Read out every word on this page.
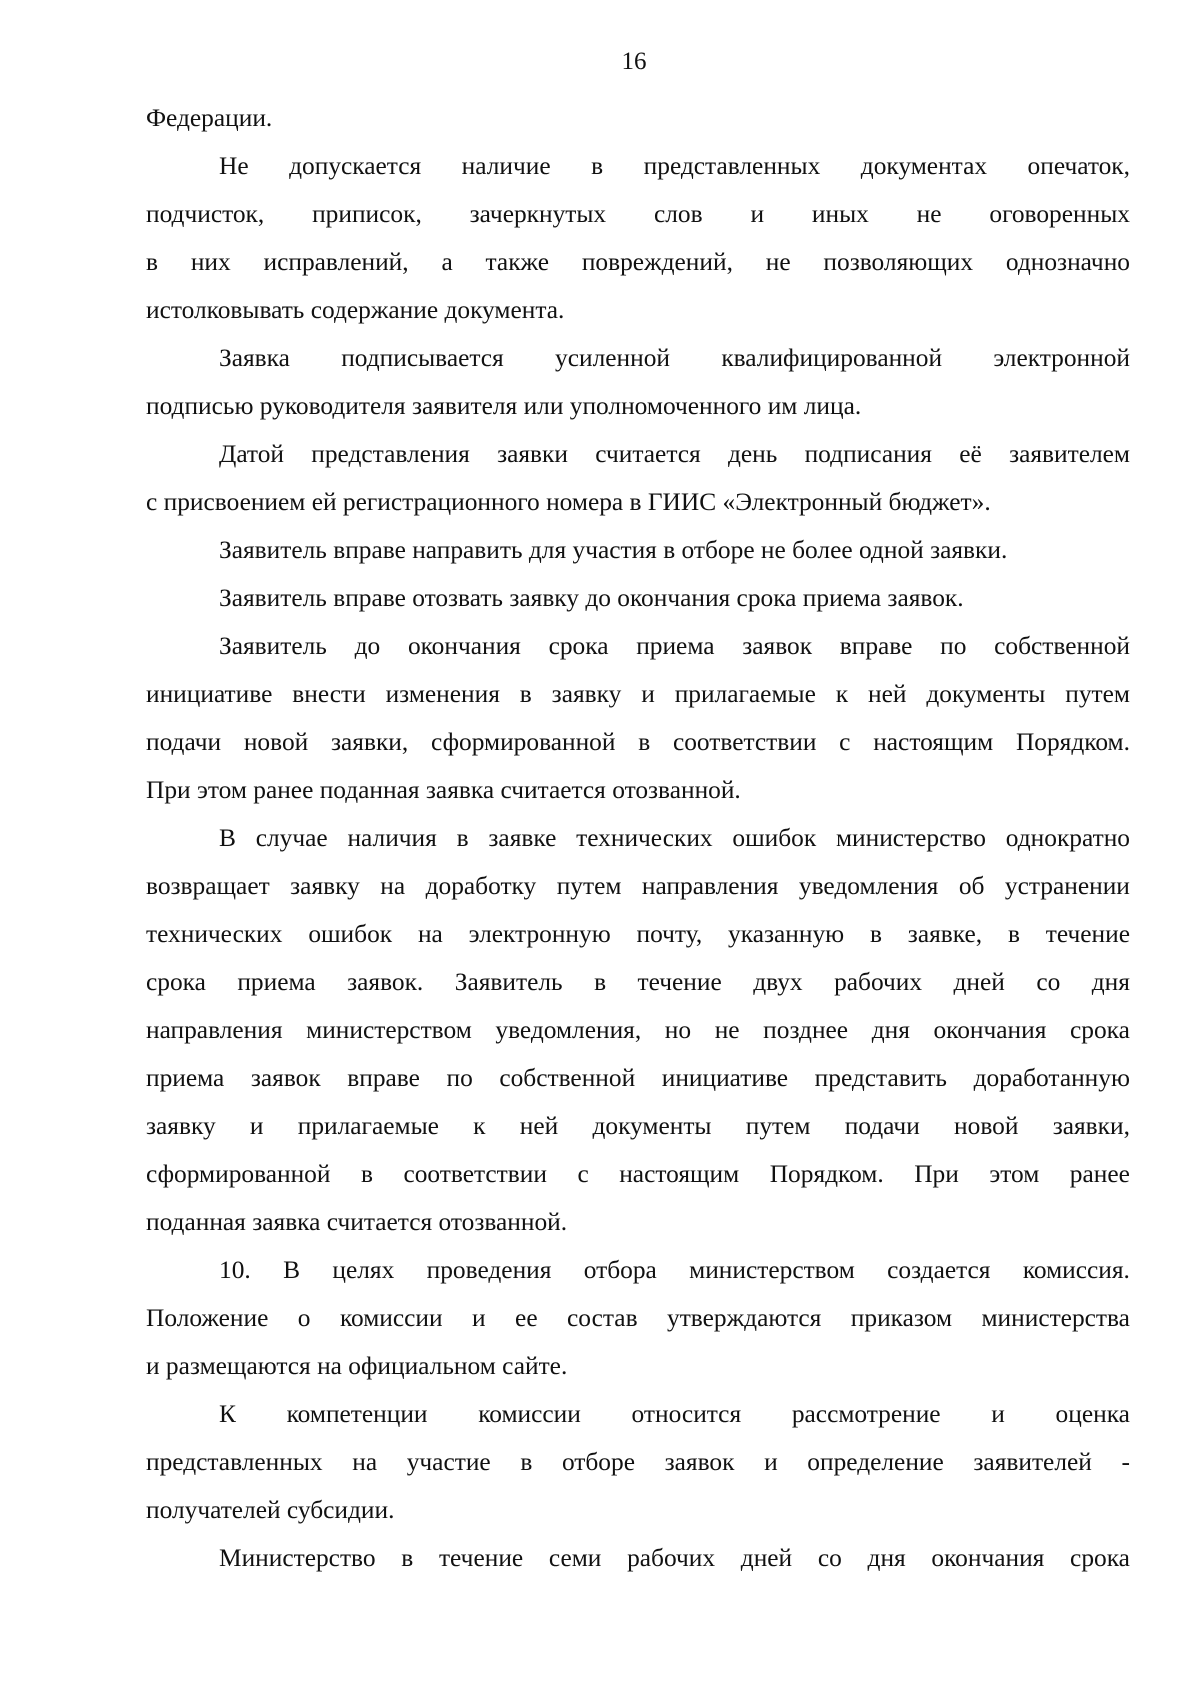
16
Федерации.
Не допускается наличие в представленных документах опечаток,
подчисток, приписок, зачеркнутых слов и иных не оговоренных
в них исправлений, а также повреждений, не позволяющих однозначно
истолковывать содержание документа.
Заявка подписывается усиленной квалифицированной электронной
подписью руководителя заявителя или уполномоченного им лица.
Датой представления заявки считается день подписания её заявителем
с присвоением ей регистрационного номера в ГИИС «Электронный бюджет».
Заявитель вправе направить для участия в отборе не более одной заявки.
Заявитель вправе отозвать заявку до окончания срока приема заявок.
Заявитель до окончания срока приема заявок вправе по собственной
инициативе внести изменения в заявку и прилагаемые к ней документы путем
подачи новой заявки, сформированной в соответствии с настоящим Порядком.
При этом ранее поданная заявка считается отозванной.
В случае наличия в заявке технических ошибок министерство однократно
возвращает заявку на доработку путем направления уведомления об устранении
технических ошибок на электронную почту, указанную в заявке, в течение
срока приема заявок. Заявитель в течение двух рабочих дней со дня
направления министерством уведомления, но не позднее дня окончания срока
приема заявок вправе по собственной инициативе представить доработанную
заявку и прилагаемые к ней документы путем подачи новой заявки,
сформированной в соответствии с настоящим Порядком. При этом ранее
поданная заявка считается отозванной.
10. В целях проведения отбора министерством создается комиссия.
Положение о комиссии и ее состав утверждаются приказом министерства
и размещаются на официальном сайте.
К компетенции комиссии относится рассмотрение и оценка
представленных на участие в отборе заявок и определение заявителей -
получателей субсидии.
Министерство в течение семи рабочих дней со дня окончания срока
